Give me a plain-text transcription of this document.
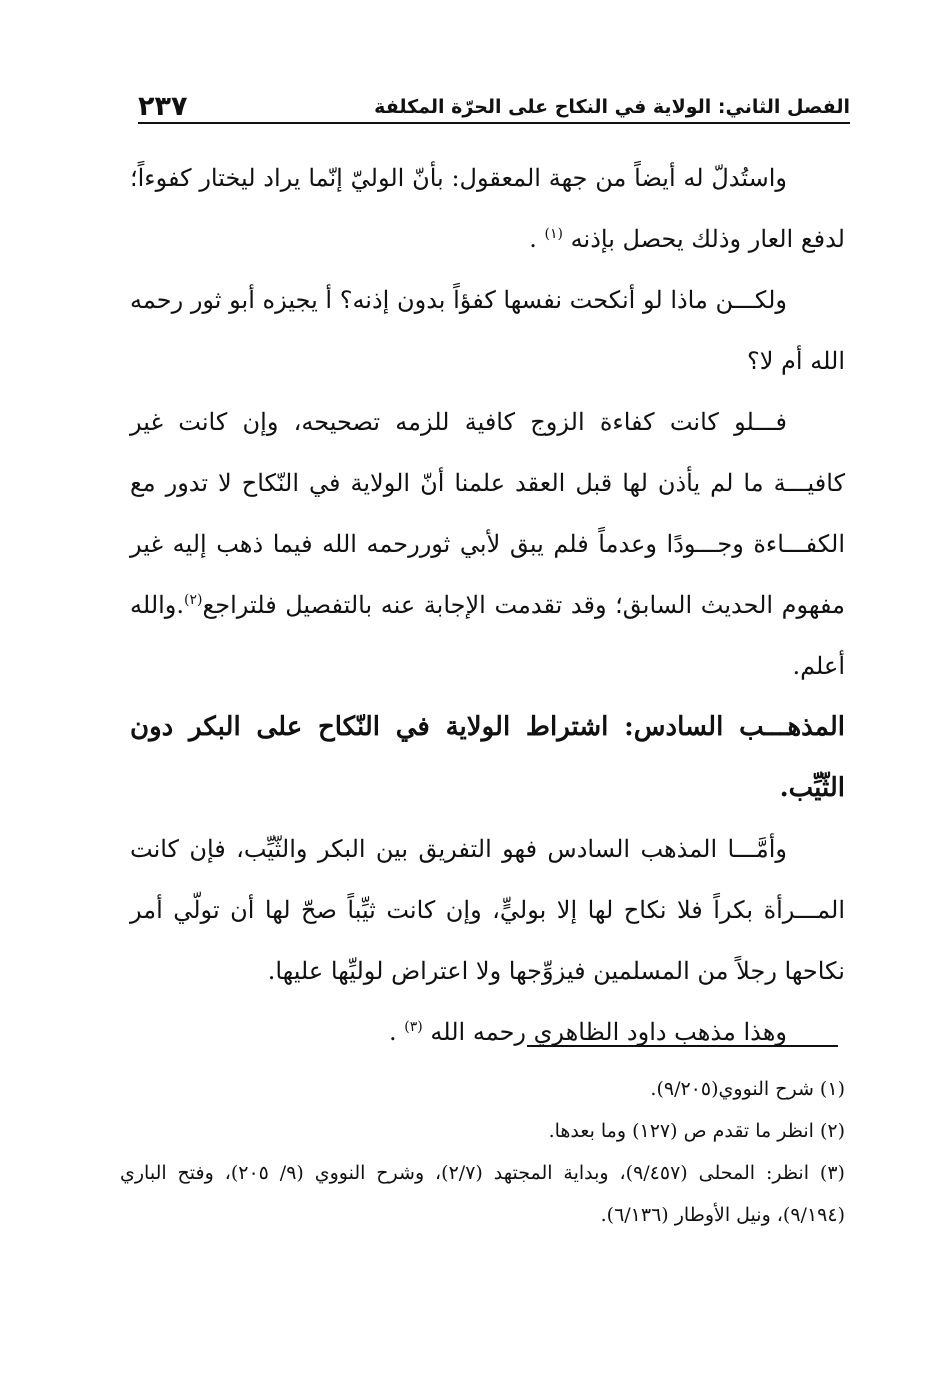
الفصل الثاني: الولاية في النكاح على الحرّة المكلفة
٢٣٧

واستُدلّ له أيضاً من جهة المعقول: بأنّ الوليّ إنّما يراد ليختار كفوءاً؛ لدفع العار وذلك يحصل بإذنه $^{(١)}$ .

ولكـــن ماذا لو أنكحت نفسها كفؤاً بدون إذنه؟ أ يجيزه أبو ثور رحمه الله أم لا؟

فـــلو كانت كفاءة الزوج كافية للزمه تصحيحه، وإن كانت غير كافيـــة ما لم يأذن لها قبل العقد علمنا أنّ الولاية في النّكاح لا تدور مع الكفـــاءة وجـــودًا وعدماً فلم يبق لأبي ثوررحمه الله فيما ذهب إليه غير مفهوم الحديث السابق؛ وقد تقدمت الإجابة عنه بالتفصيل فلتراجع$^{(٢)}$.والله أعلم.

المذهـــب السادس: اشتراط الولاية في النّكاح على البكر دون الثّيِّب.

وأمَّـــا المذهب السادس فهو التفريق بين البكر والثّيِّب، فإن كانت المـــرأة بكراً فلا نكاح لها إلا بوليٍّ، وإن كانت ثيِّباً صحّ لها أن تولّي أمر نكاحها رجلاً من المسلمين فيزوِّجها ولا اعتراض لوليِّها عليها.

وهذا مذهب داود الظاهري رحمه الله $^{(٣)}$ .

(١) شرح النووي(٩/٢٠٥).

(٢) انظر ما تقدم ص (١٢٧) وما بعدها.

(٣) انظر: المحلى (٩/٤٥٧)، وبداية المجتهد (٢/٧)، وشرح النووي (٩/ ٢٠٥)، وفتح الباري (٩/١٩٤)، ونيل الأوطار (٦/١٣٦).
